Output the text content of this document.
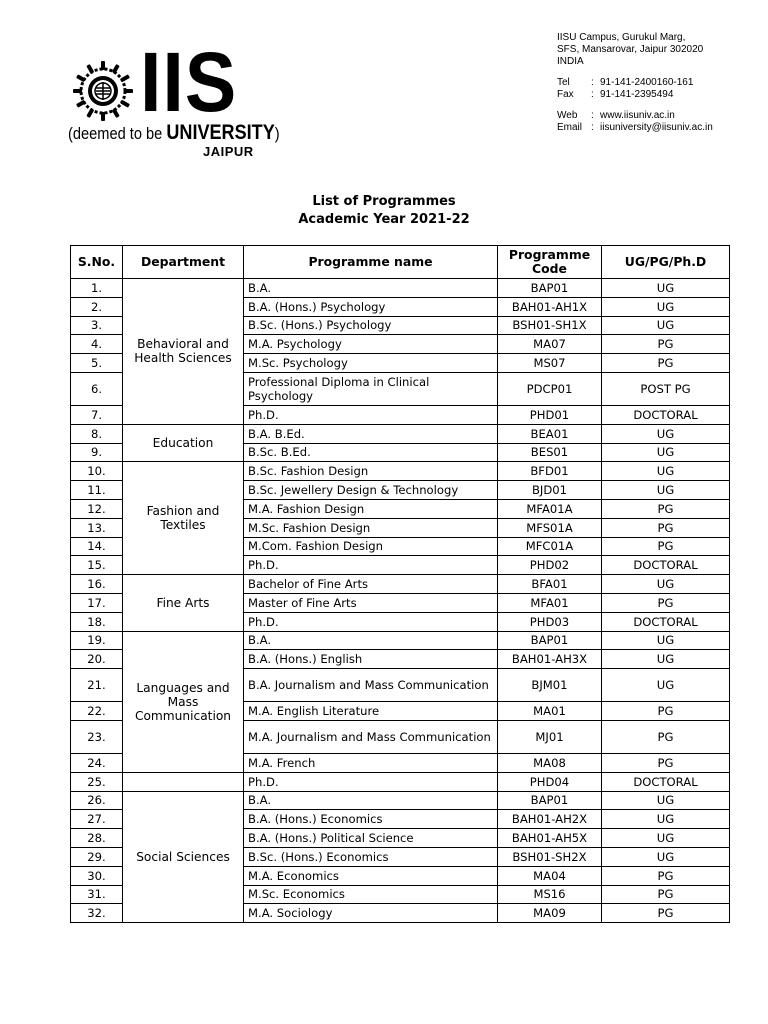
IIS
(deemed to be UNIVERSITY)
JAIPUR
IISU Campus, Gurukul Marg,
SFS, Mansarovar, Jaipur 302020
INDIA
Tel	: 91-141-2400160-161
Fax	: 91-141-2395494
Web	: www.iisuniv.ac.in
Email : iisuniversity@iisuniv.ac.in
List of Programmes
Academic Year 2021-22
S.No.	Department	Programme name	Programme Code	UG/PG/Ph.D
1.	Behavioral and Health Sciences	B.A.	BAP01	UG
2.		B.A. (Hons.) Psychology	BAH01-AH1X	UG
3.		B.Sc. (Hons.) Psychology	BSH01-SH1X	UG
4.		M.A. Psychology	MA07	PG
5.		M.Sc. Psychology	MS07	PG
6.		Professional Diploma in Clinical Psychology	PDCP01	POST PG
7.		Ph.D.	PHD01	DOCTORAL
8.	Education	B.A. B.Ed.	BEA01	UG
9.		B.Sc. B.Ed.	BES01	UG
10.	Fashion and Textiles	B.Sc. Fashion Design	BFD01	UG
11.		B.Sc. Jewellery Design & Technology	BJD01	UG
12.		M.A. Fashion Design	MFA01A	PG
13.		M.Sc. Fashion Design	MFS01A	PG
14.		M.Com. Fashion Design	MFC01A	PG
15.		Ph.D.	PHD02	DOCTORAL
16.	Fine Arts	Bachelor of Fine Arts	BFA01	UG
17.		Master of Fine Arts	MFA01	PG
18.		Ph.D.	PHD03	DOCTORAL
19.	Languages and Mass Communication	B.A.	BAP01	UG
20.		B.A. (Hons.) English	BAH01-AH3X	UG
21.		B.A. Journalism and Mass Communication	BJM01	UG
22.		M.A. English Literature	MA01	PG
23.		M.A. Journalism and Mass Communication	MJ01	PG
24.		M.A. French	MA08	PG
25.		Ph.D.	PHD04	DOCTORAL
26.	Social Sciences	B.A.	BAP01	UG
27.		B.A. (Hons.) Economics	BAH01-AH2X	UG
28.		B.A. (Hons.) Political Science	BAH01-AH5X	UG
29.		B.Sc. (Hons.) Economics	BSH01-SH2X	UG
30.		M.A. Economics	MA04	PG
31.		M.Sc. Economics	MS16	PG
32.		M.A. Sociology	MA09	PG
